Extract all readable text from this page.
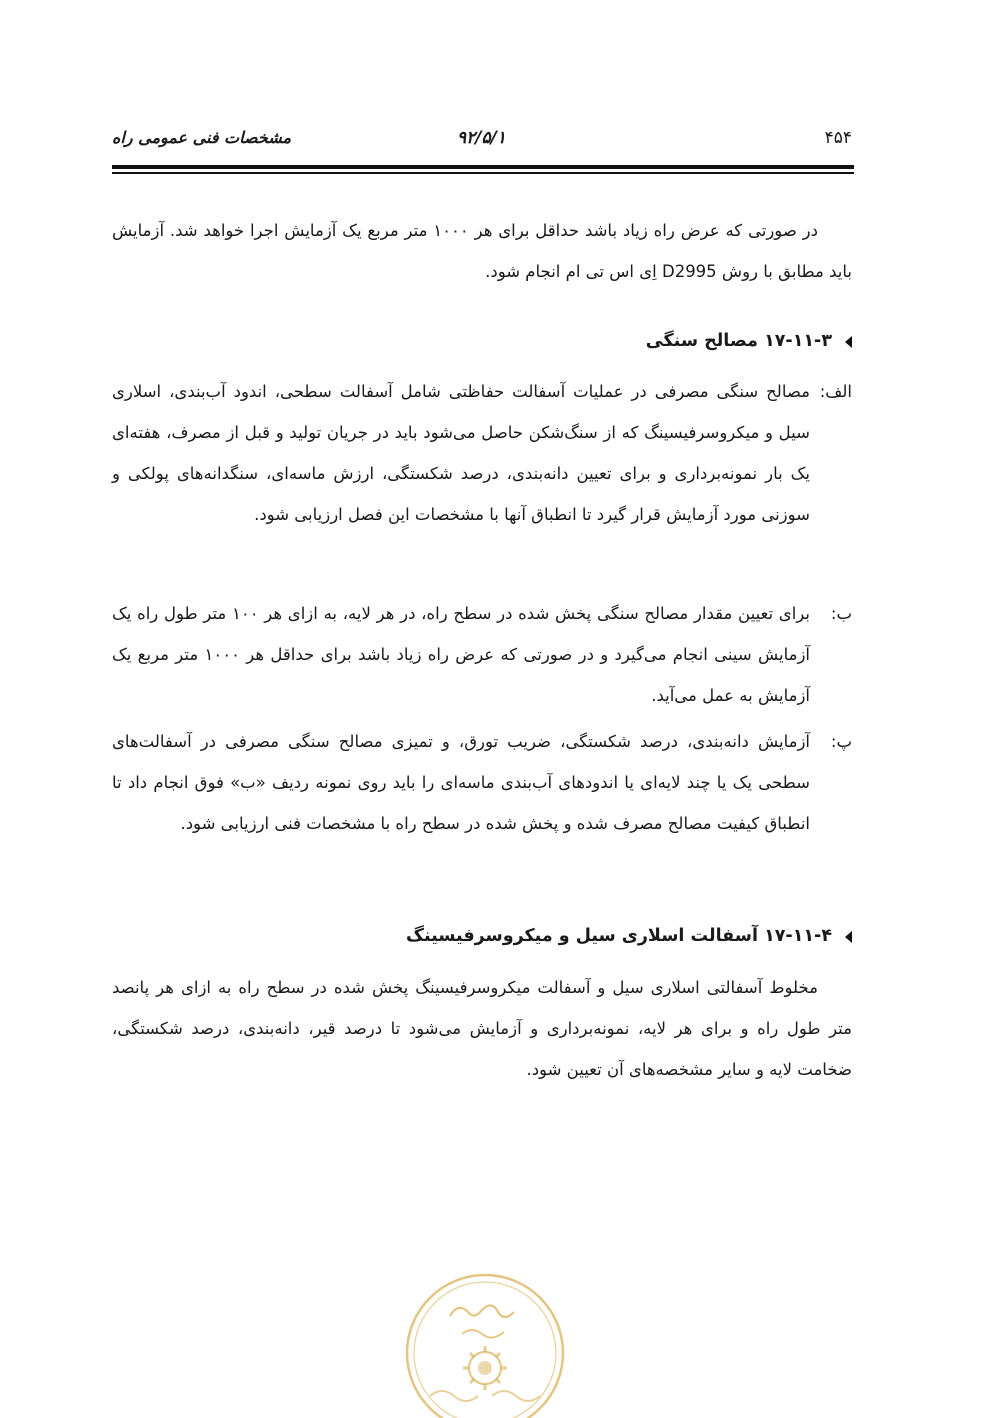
۴۵۴
۹۲/۵/۱
مشخصات فنی عمومی راه

در صورتی که عرض راه زیاد باشد حداقل برای هر ۱۰۰۰ متر مربع یک آزمایش اجرا خواهد شد. آزمایش باید مطابق با روش D2995 اِی اس تی ام انجام شود.

۱۷-۱۱-۳ مصالح سنگی
الف:
مصالح سنگی مصرفی در عملیات آسفالت حفاظتی شامل آسفالت سطحی، اندود آب‌بندی، اسلاری سیل و میکروسرفیسینگ که از سنگ‌شکن حاصل می‌شود باید در جریان تولید و قبل از مصرف، هفته‌ای یک بار نمونه‌برداری و برای تعیین دانه‌بندی، درصد شکستگی، ارزش ماسه‌ای، سنگدانه‌های پولکی و سوزنی مورد آزمایش قرار گیرد تا انطباق آنها با مشخصات این فصل ارزیابی شود.
ب:
برای تعیین مقدار مصالح سنگی پخش شده در سطح راه، در هر لایه، به ازای هر ۱۰۰ متر طول راه یک آزمایش سینی انجام می‌گیرد و در صورتی که عرض راه زیاد باشد برای حداقل هر ۱۰۰۰ متر مربع یک آزمایش به عمل می‌آید.
پ:
آزمایش دانه‌بندی، درصد شکستگی، ضریب تورق، و تمیزی مصالح سنگی مصرفی در آسفالت‌های سطحی یک یا چند لایه‌ای یا اندودهای آب‌بندی ماسه‌ای را باید روی نمونه ردیف «ب» فوق انجام داد تا انطباق کیفیت مصالح مصرف شده و پخش شده در سطح راه با مشخصات فنی ارزیابی شود.
۱۷-۱۱-۴ آسفالت اسلاری سیل و میکروسرفیسینگ

مخلوط آسفالتی اسلاری سیل و آسفالت میکروسرفیسینگ پخش شده در سطح راه به ازای هر پانصد متر طول راه و برای هر لایه، نمونه‌برداری و آزمایش می‌شود تا درصد قیر، دانه‌بندی، درصد شکستگی، ضخامت لایه و سایر مشخصه‌های آن تعیین شود.
